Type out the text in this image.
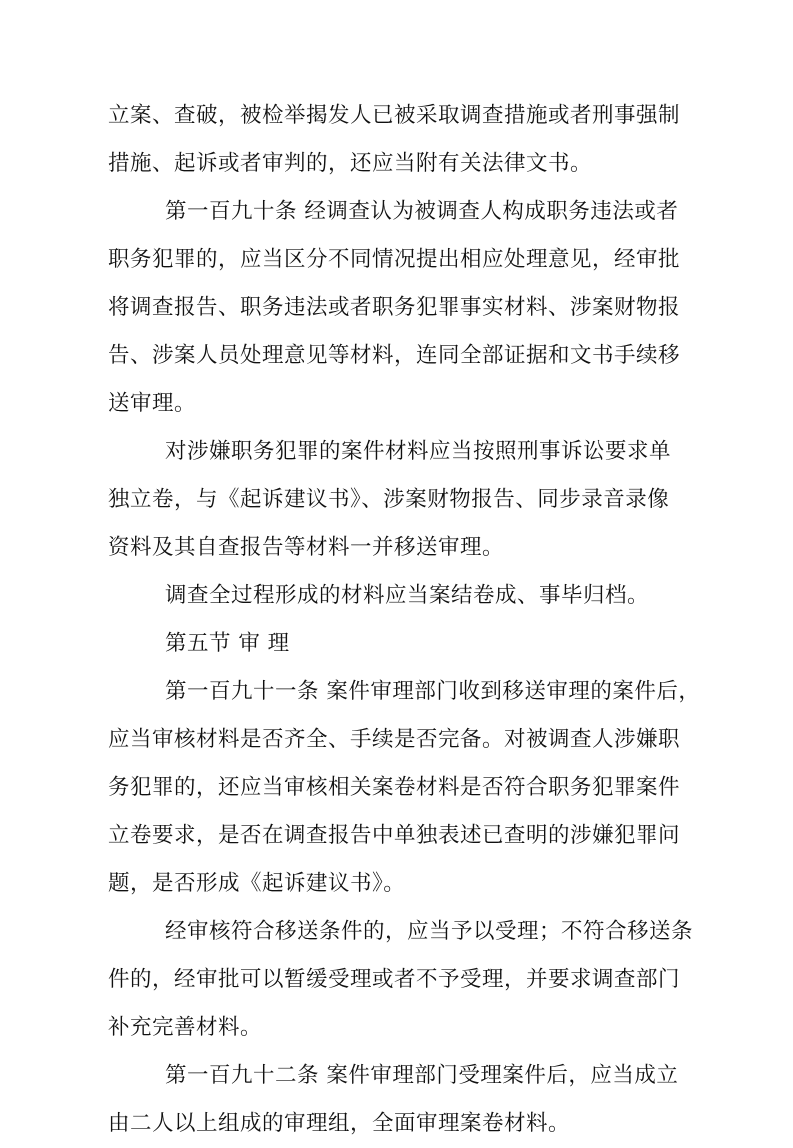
立案、查破，被检举揭发人已被采取调查措施或者刑事强制
措施、起诉或者审判的，还应当附有关法律文书。
第一百九十条 经调查认为被调查人构成职务违法或者
职务犯罪的，应当区分不同情况提出相应处理意见，经审批
将调查报告、职务违法或者职务犯罪事实材料、涉案财物报
告、涉案人员处理意见等材料，连同全部证据和文书手续移
送审理。
对涉嫌职务犯罪的案件材料应当按照刑事诉讼要求单
独立卷，与《起诉建议书》、涉案财物报告、同步录音录像
资料及其自查报告等材料一并移送审理。
调查全过程形成的材料应当案结卷成、事毕归档。
第五节 审 理
第一百九十一条 案件审理部门收到移送审理的案件后，
应当审核材料是否齐全、手续是否完备。对被调查人涉嫌职
务犯罪的，还应当审核相关案卷材料是否符合职务犯罪案件
立卷要求，是否在调查报告中单独表述已查明的涉嫌犯罪问
题，是否形成《起诉建议书》。
经审核符合移送条件的，应当予以受理；不符合移送条
件的，经审批可以暂缓受理或者不予受理，并要求调查部门
补充完善材料。
第一百九十二条 案件审理部门受理案件后，应当成立
由二人以上组成的审理组，全面审理案卷材料。
